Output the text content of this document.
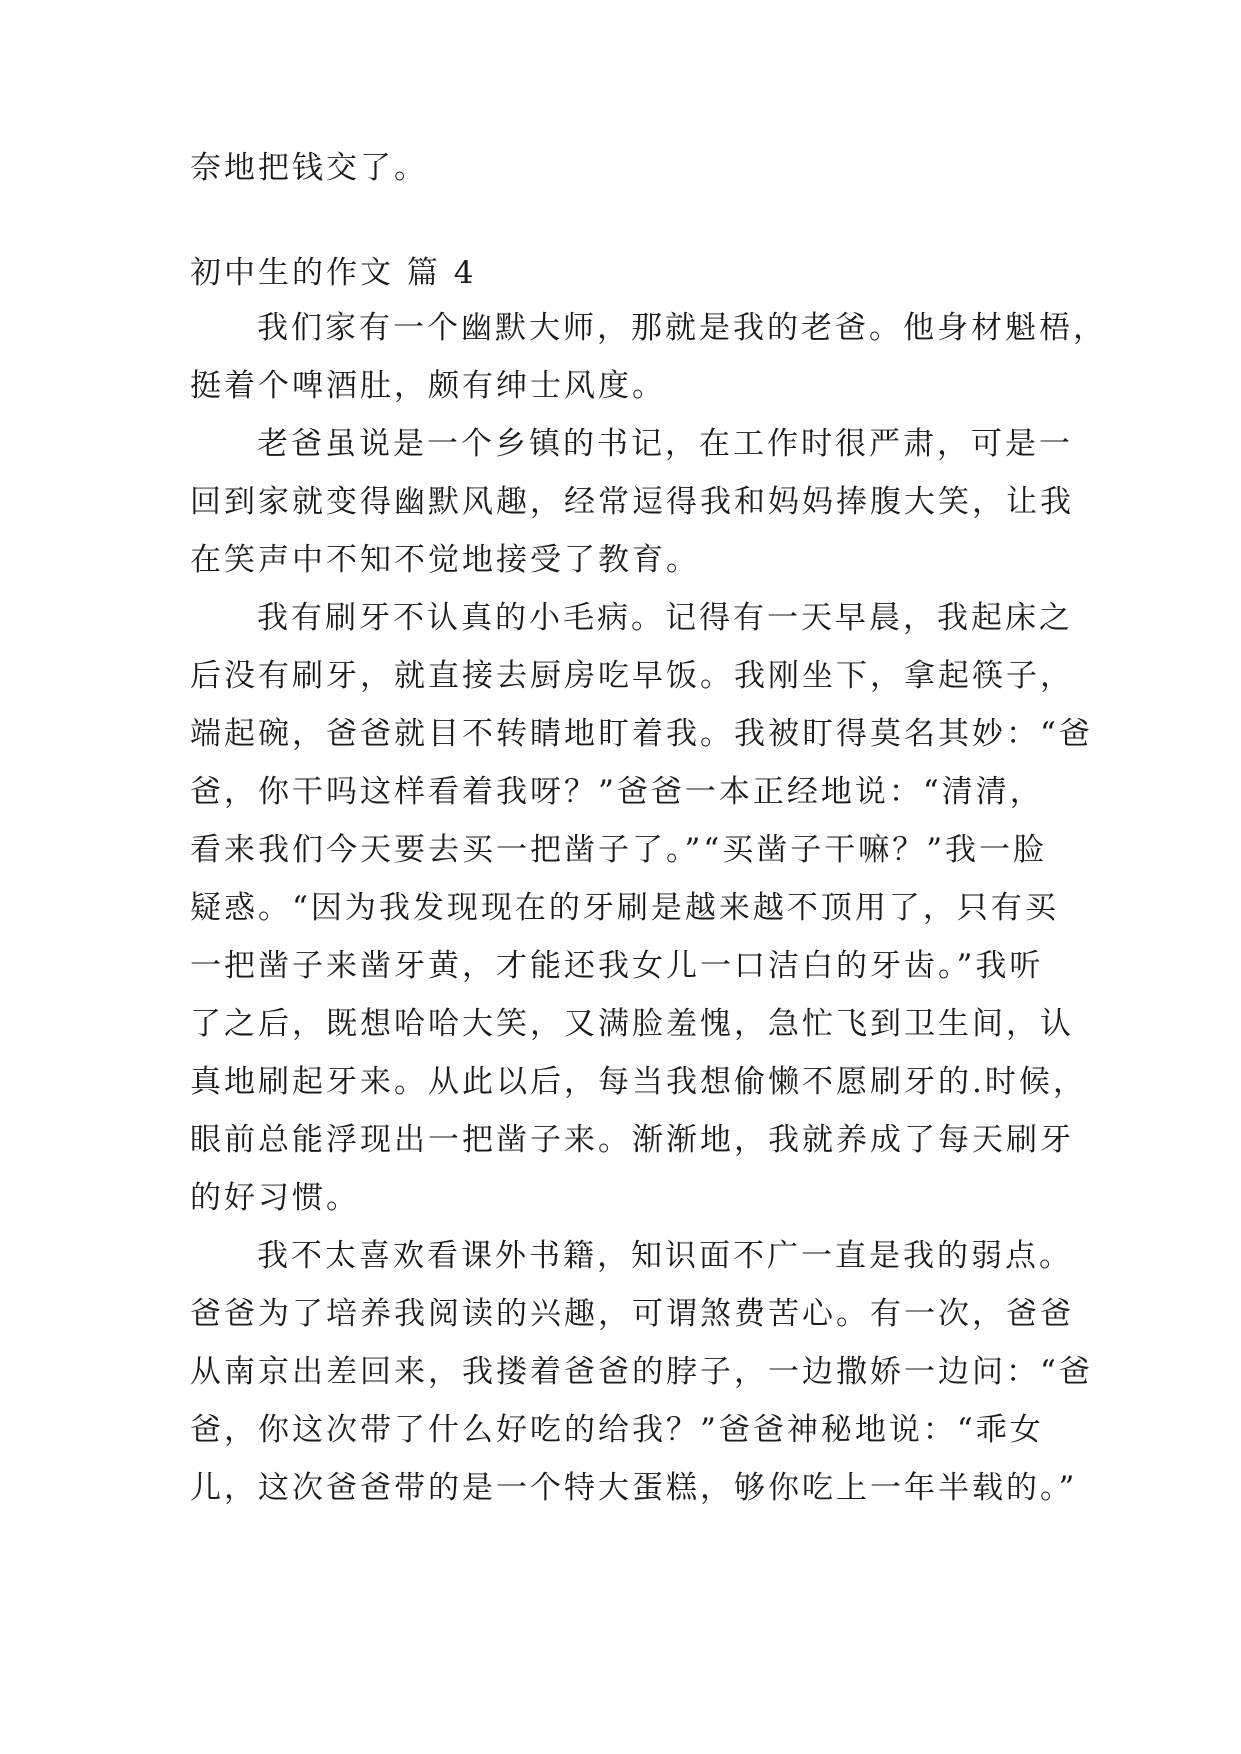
奈地把钱交了。
初中生的作文 篇 4
我们家有一个幽默大师，那就是我的老爸。他身材魁梧，
挺着个啤酒肚，颇有绅士风度。
老爸虽说是一个乡镇的书记，在工作时很严肃，可是一
回到家就变得幽默风趣，经常逗得我和妈妈捧腹大笑，让我
在笑声中不知不觉地接受了教育。
我有刷牙不认真的小毛病。记得有一天早晨，我起床之
后没有刷牙，就直接去厨房吃早饭。我刚坐下，拿起筷子，
端起碗，爸爸就目不转睛地盯着我。我被盯得莫名其妙：“爸
爸，你干吗这样看着我呀？”爸爸一本正经地说：“清清，
看来我们今天要去买一把凿子了。”“买凿子干嘛？”我一脸
疑惑。“因为我发现现在的牙刷是越来越不顶用了，只有买
一把凿子来凿牙黄，才能还我女儿一口洁白的牙齿。”我听
了之后，既想哈哈大笑，又满脸羞愧，急忙飞到卫生间，认
真地刷起牙来。从此以后，每当我想偷懒不愿刷牙的.时候，
眼前总能浮现出一把凿子来。渐渐地，我就养成了每天刷牙
的好习惯。
我不太喜欢看课外书籍，知识面不广一直是我的弱点。
爸爸为了培养我阅读的兴趣，可谓煞费苦心。有一次，爸爸
从南京出差回来，我搂着爸爸的脖子，一边撒娇一边问：“爸
爸，你这次带了什么好吃的给我？”爸爸神秘地说：“乖女
儿，这次爸爸带的是一个特大蛋糕，够你吃上一年半载的。”
